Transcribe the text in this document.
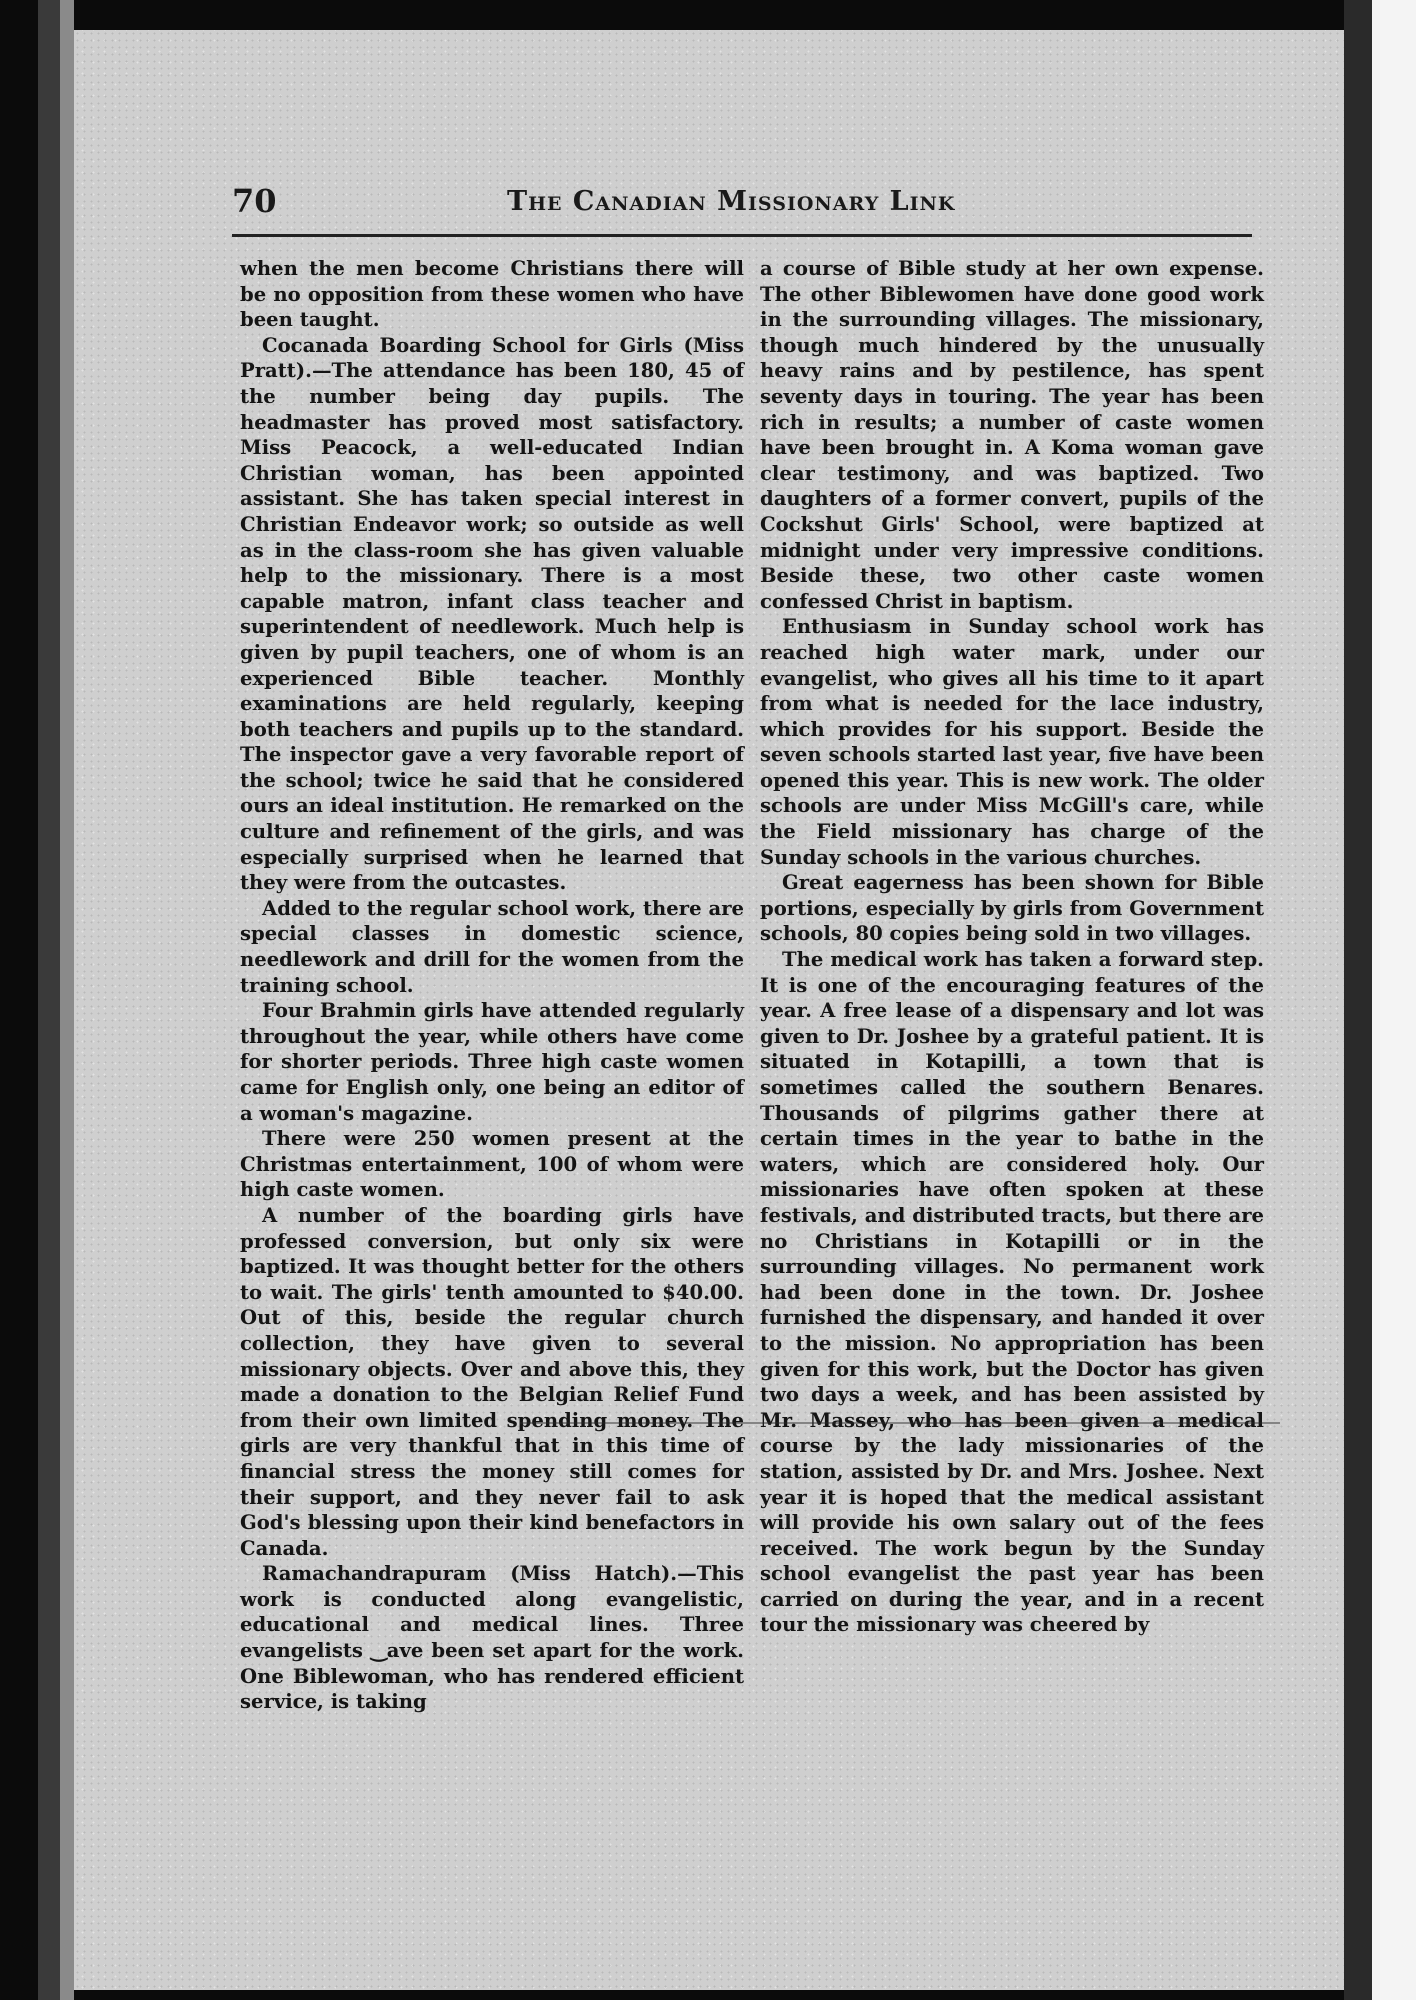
70	The Canadian Missionary Link

when the men become Christians there will be no opposition from these women who have been taught.

Cocanada Boarding School for Girls (Miss Pratt).—The attendance has been 180, 45 of the number being day pupils. The headmaster has proved most satisfactory. Miss Peacock, a well-educated Indian Christian woman, has been appointed assistant. She has taken special interest in Christian Endeavor work; so outside as well as in the class-room she has given valuable help to the missionary. There is a most capable matron, infant class teacher and superintendent of needlework. Much help is given by pupil teachers, one of whom is an experienced Bible teacher. Monthly examinations are held regularly, keeping both teachers and pupils up to the standard. The inspector gave a very favorable report of the school; twice he said that he considered ours an ideal institution. He remarked on the culture and refinement of the girls, and was especially surprised when he learned that they were from the outcastes.

Added to the regular school work, there are special classes in domestic science, needlework and drill for the women from the training school.

Four Brahmin girls have attended regularly throughout the year, while others have come for shorter periods. Three high caste women came for English only, one being an editor of a woman's magazine.

There were 250 women present at the Christmas entertainment, 100 of whom were high caste women.

A number of the boarding girls have professed conversion, but only six were baptized. It was thought better for the others to wait. The girls' tenth amounted to $40.00. Out of this, beside the regular church collection, they have given to several missionary objects. Over and above this, they made a donation to the Belgian Relief Fund from their own limited spending money. The girls are very thankful that in this time of financial stress the money still comes for their support, and they never fail to ask God's blessing upon their kind benefactors in Canada.

Ramachandrapuram (Miss Hatch).—This work is conducted along evangelistic, educational and medical lines. Three evangelists ‿ave been set apart for the work. One Biblewoman, who has rendered efficient service, is taking

a course of Bible study at her own expense. The other Biblewomen have done good work in the surrounding villages. The missionary, though much hindered by the unusually heavy rains and by pestilence, has spent seventy days in touring. The year has been rich in results; a number of caste women have been brought in. A Koma woman gave clear testimony, and was baptized. Two daughters of a former convert, pupils of the Cockshut Girls' School, were baptized at midnight under very impressive conditions. Beside these, two other caste women confessed Christ in baptism.

Enthusiasm in Sunday school work has reached high water mark, under our evangelist, who gives all his time to it apart from what is needed for the lace industry, which provides for his support. Beside the seven schools started last year, five have been opened this year. This is new work. The older schools are under Miss McGill's care, while the Field missionary has charge of the Sunday schools in the various churches.

Great eagerness has been shown for Bible portions, especially by girls from Government schools, 80 copies being sold in two villages.

The medical work has taken a forward step. It is one of the encouraging features of the year. A free lease of a dispensary and lot was given to Dr. Joshee by a grateful patient. It is situated in Kotapilli, a town that is sometimes called the southern Benares. Thousands of pilgrims gather there at certain times in the year to bathe in the waters, which are considered holy. Our missionaries have often spoken at these festivals, and distributed tracts, but there are no Christians in Kotapilli or in the surrounding villages. No permanent work had been done in the town. Dr. Joshee furnished the dispensary, and handed it over to the mission. No appropriation has been given for this work, but the Doctor has given two days a week, and has been assisted by Mr. Massey, who has been given a medical course by the lady missionaries of the station, assisted by Dr. and Mrs. Joshee. Next year it is hoped that the medical assistant will provide his own salary out of the fees received. The work begun by the Sunday school evangelist the past year has been carried on during the year, and in a recent tour the missionary was cheered by
